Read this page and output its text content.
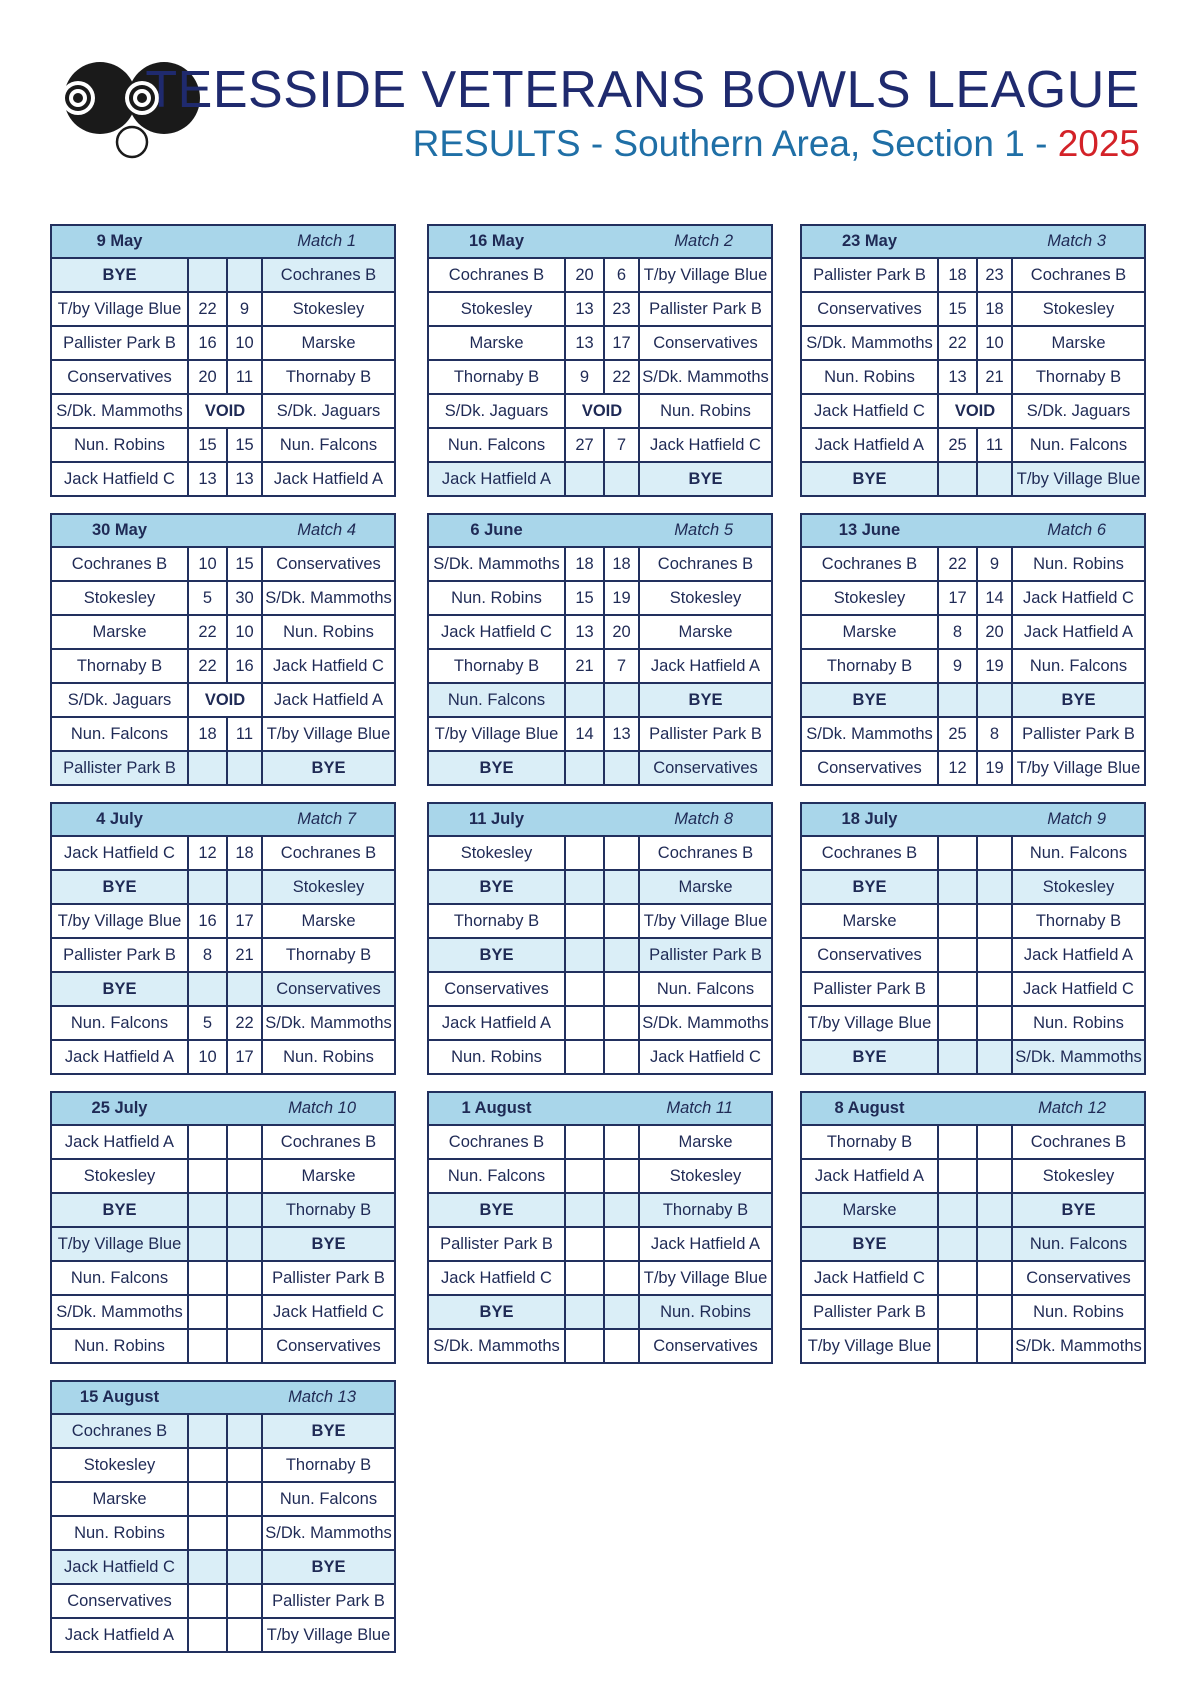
TEESSIDE VETERANS BOWLS LEAGUE
RESULTS - Southern Area, Section 1 - 2025
9 May	Match 1
BYE	Cochranes B
T/by Village Blue	22	9	Stokesley
Pallister Park B	16	10	Marske
Conservatives	20	11	Thornaby B
S/Dk. Mammoths	VOID	S/Dk. Jaguars
Nun. Robins	15	15	Nun. Falcons
Jack Hatfield C	13	13	Jack Hatfield A
16 May	Match 2
Cochranes B	20	6	T/by Village Blue
Stokesley	13	23	Pallister Park B
Marske	13	17	Conservatives
Thornaby B	9	22 S/Dk. Mammoths
S/Dk. Jaguars	VOID	Nun. Robins
Nun. Falcons	27	7	Jack Hatfield C
Jack Hatfield A	BYE
23 May	Match 3
Pallister Park B	18	23	Cochranes B
Conservatives	15	18	Stokesley
S/Dk. Mammoths 22	10	Marske
Nun. Robins	13	21	Thornaby B
Jack Hatfield C	VOID	S/Dk. Jaguars
Jack Hatfield A	25	11	Nun. Falcons
BYE	T/by Village Blue
30 May	Match 4
Cochranes B	10	15	Conservatives
Stokesley	5	30 S/Dk. Mammoths
Marske	22	10	Nun. Robins
Thornaby B	22	16	Jack Hatfield C
S/Dk. Jaguars	VOID	Jack Hatfield A
Nun. Falcons	18	11 T/by Village Blue
Pallister Park B	BYE
6 June	Match 5
S/Dk. Mammoths 18	18	Cochranes B
Nun. Robins	15	19	Stokesley
Jack Hatfield C	13	20	Marske
Thornaby B	21	7	Jack Hatfield A
Nun. Falcons	BYE
T/by Village Blue	14	13	Pallister Park B
BYE	Conservatives
13 June	Match 6
Cochranes B	22	9	Nun. Robins
Stokesley	17	14	Jack Hatfield C
Marske	8	20	Jack Hatfield A
Thornaby B	9	19	Nun. Falcons
BYE	BYE
S/Dk. Mammoths 25	8	Pallister Park B
Conservatives	12	19 T/by Village Blue
4 July	Match 7
Jack Hatfield C	12	18	Cochranes B
BYE	Stokesley
T/by Village Blue	16	17	Marske
Pallister Park B	8	21	Thornaby B
BYE	Conservatives
Nun. Falcons	5	22 S/Dk. Mammoths
Jack Hatfield A	10	17	Nun. Robins
11 July	Match 8
Stokesley	Cochranes B
BYE	Marske
Thornaby B	T/by Village Blue
BYE	Pallister Park B
Conservatives	Nun. Falcons
Jack Hatfield A	S/Dk. Mammoths
Nun. Robins	Jack Hatfield C
18 July	Match 9
Cochranes B	Nun. Falcons
BYE	Stokesley
Marske	Thornaby B
Conservatives	Jack Hatfield A
Pallister Park B	Jack Hatfield C
T/by Village Blue	Nun. Robins
BYE	S/Dk. Mammoths
25 July	Match 10
Jack Hatfield A	Cochranes B
Stokesley	Marske
BYE	Thornaby B
T/by Village Blue	BYE
Nun. Falcons	Pallister Park B
S/Dk. Mammoths	Jack Hatfield C
Nun. Robins	Conservatives
1 August	Match 11
Cochranes B	Marske
Nun. Falcons	Stokesley
BYE	Thornaby B
Pallister Park B	Jack Hatfield A
Jack Hatfield C	T/by Village Blue
BYE	Nun. Robins
S/Dk. Mammoths	Conservatives
8 August	Match 12
Thornaby B	Cochranes B
Jack Hatfield A	Stokesley
Marske	BYE
BYE	Nun. Falcons
Jack Hatfield C	Conservatives
Pallister Park B	Nun. Robins
T/by Village Blue	S/Dk. Mammoths
15 August	Match 13
Cochranes B	BYE
Stokesley	Thornaby B
Marske	Nun. Falcons
Nun. Robins	S/Dk. Mammoths
Jack Hatfield C	BYE
Conservatives	Pallister Park B
Jack Hatfield A	T/by Village Blue
